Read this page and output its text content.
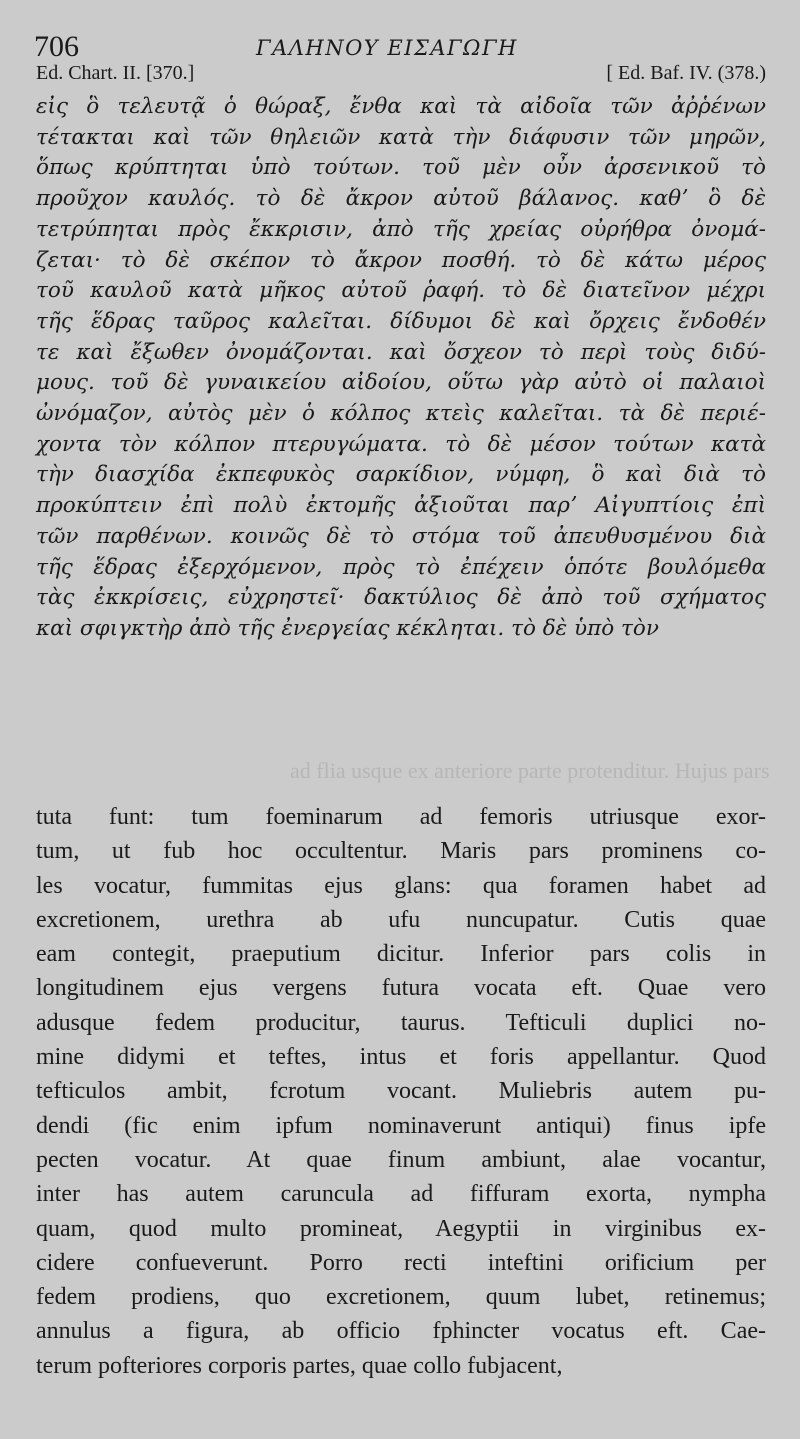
706	ΓΑΛΗΝΟΥ ΕΙΣΑΓΩΓΗ
Ed. Chart. II. [370.]	[ Ed. Baf. IV. (378.)
εἰς ὃ τελευτᾷ ὁ θώραξ, ἔνθα καὶ τὰ αἰδοῖα τῶν ἀῤῥένων
τέτακται καὶ τῶν θηλειῶν κατὰ τὴν διάφυσιν τῶν μηρῶν,
ὅπως κρύπτηται ὑπὸ τούτων. τοῦ μὲν οὖν ἀρσενικοῦ τὸ
προῦχον καυλός. τὸ δὲ ἄκρον αὐτοῦ βάλανος. καθʼ ὃ δὲ
τετρύπηται πρὸς ἔκκρισιν, ἀπὸ τῆς χρείας οὐρήθρα ὀνομά-
ζεται· τὸ δὲ σκέπον τὸ ἄκρον ποσθή. τὸ δὲ κάτω μέρος
τοῦ καυλοῦ κατὰ μῆκος αὐτοῦ ῥαφή. τὸ δὲ διατεῖνον μέχρι
τῆς ἕδρας ταῦρος καλεῖται. δίδυμοι δὲ καὶ ὄρχεις ἔνδοθέν
τε καὶ ἔξωθεν ὀνομάζονται. καὶ ὄσχεον τὸ περὶ τοὺς διδύ-
μους. τοῦ δὲ γυναικείου αἰδοίου, οὕτω γὰρ αὐτὸ οἱ παλαιοὶ
ὠνόμαζον, αὐτὸς μὲν ὁ κόλπος κτεὶς καλεῖται. τὰ δὲ περιέ-
χοντα τὸν κόλπον πτερυγώματα. τὸ δὲ μέσον τούτων κατὰ
τὴν διασχίδα ἐκπεφυκὸς σαρκίδιον, νύμφη, ὃ καὶ διὰ τὸ
προκύπτειν ἐπὶ πολὺ ἐκτομῆς ἀξιοῦται παρʼ Αἰγυπτίοις ἐπὶ
τῶν παρθένων. κοινῶς δὲ τὸ στόμα τοῦ ἀπευθυσμένου διὰ
τῆς ἕδρας ἐξερχόμενον, πρὸς τὸ ἐπέχειν ὁπότε βουλόμεθα
τὰς ἐκκρίσεις, εὐχρηστεῖ· δακτύλιος δὲ ἀπὸ τοῦ σχήματος
καὶ σφιγκτὴρ ἀπὸ τῆς ἐνεργείας κέκληται. τὸ δὲ ὑπὸ τὸν
ad flia usque ex anteriore parte protenditur. Hujus pars
tuta funt: tum foeminarum ad femoris utriusque exor-
tum, ut fub hoc occultentur. Maris pars prominens co-
les vocatur, fummitas ejus glans: qua foramen habet ad
excretionem, urethra ab ufu nuncupatur. Cutis quae
eam contegit, praeputium dicitur. Inferior pars colis in
longitudinem ejus vergens futura vocata eft. Quae vero
adusque fedem producitur, taurus. Tefticuli duplici no-
mine didymi et teftes, intus et foris appellantur. Quod
tefticulos ambit, fcrotum vocant. Muliebris autem pu-
dendi (fic enim ipfum nominaverunt antiqui) finus ipfe
pecten vocatur. At quae finum ambiunt, alae vocantur,
inter has autem caruncula ad fiffuram exorta, nympha
quam, quod multo promineat, Aegyptii in virginibus ex-
cidere confueverunt. Porro recti inteftini orificium per
fedem prodiens, quo excretionem, quum lubet, retinemus;
annulus a figura, ab officio fphincter vocatus eft. Cae-
terum pofteriores corporis partes, quae collo fubjacent,
